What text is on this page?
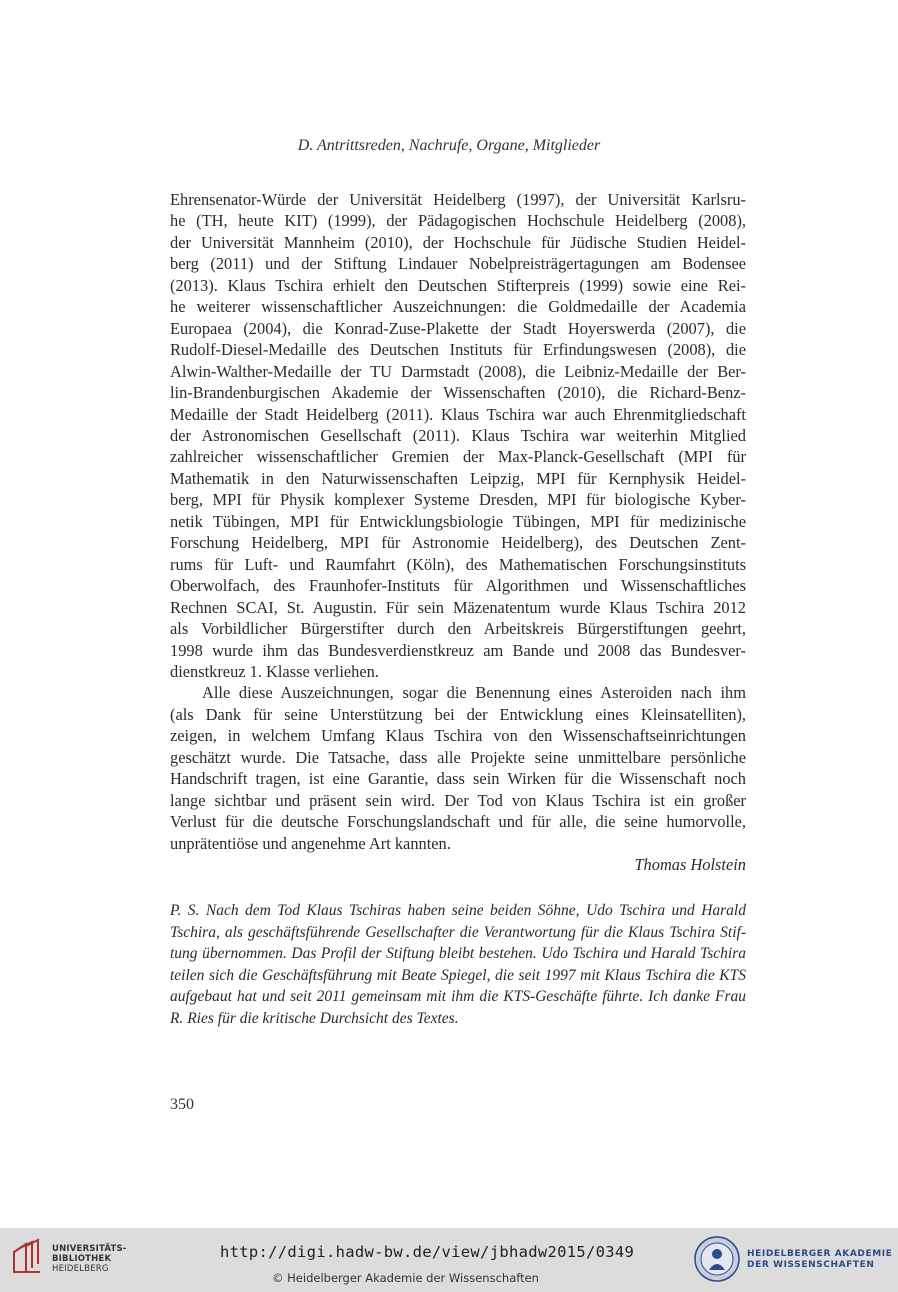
D. Antrittsreden, Nachrufe, Organe, Mitglieder
Ehrensenator-Würde der Universität Heidelberg (1997), der Universität Karlsru-
he (TH, heute KIT) (1999), der Pädagogischen Hochschule Heidelberg (2008),
der Universität Mannheim (2010), der Hochschule für Jüdische Studien Heidel-
berg (2011) und der Stiftung Lindauer Nobelpreisträgertagungen am Bodensee
(2013). Klaus Tschira erhielt den Deutschen Stifterpreis (1999) sowie eine Rei-
he weiterer wissenschaftlicher Auszeichnungen: die Goldmedaille der Academia
Europaea (2004), die Konrad-Zuse-Plakette der Stadt Hoyerswerda (2007), die
Rudolf-Diesel-Medaille des Deutschen Instituts für Erfindungswesen (2008), die
Alwin-Walther-Medaille der TU Darmstadt (2008), die Leibniz-Medaille der Ber-
lin-Brandenburgischen Akademie der Wissenschaften (2010), die Richard-Benz-
Medaille der Stadt Heidelberg (2011). Klaus Tschira war auch Ehrenmitgliedschaft
der Astronomischen Gesellschaft (2011). Klaus Tschira war weiterhin Mitglied
zahlreicher wissenschaftlicher Gremien der Max-Planck-Gesellschaft (MPI für
Mathematik in den Naturwissenschaften Leipzig, MPI für Kernphysik Heidel-
berg, MPI für Physik komplexer Systeme Dresden, MPI für biologische Kyber-
netik Tübingen, MPI für Entwicklungsbiologie Tübingen, MPI für medizinische
Forschung Heidelberg, MPI für Astronomie Heidelberg), des Deutschen Zent-
rums für Luft- und Raumfahrt (Köln), des Mathematischen Forschungsinstituts
Oberwolfach, des Fraunhofer-Instituts für Algorithmen und Wissenschaftliches
Rechnen SCAI, St. Augustin. Für sein Mäzenatentum wurde Klaus Tschira 2012
als Vorbildlicher Bürgerstifter durch den Arbeitskreis Bürgerstiftungen geehrt,
1998 wurde ihm das Bundesverdienstkreuz am Bande und 2008 das Bundesver-
dienstkreuz 1. Klasse verliehen.
Alle diese Auszeichnungen, sogar die Benennung eines Asteroiden nach ihm
(als Dank für seine Unterstützung bei der Entwicklung eines Kleinsatelliten),
zeigen, in welchem Umfang Klaus Tschira von den Wissenschaftseinrichtungen
geschätzt wurde. Die Tatsache, dass alle Projekte seine unmittelbare persönliche
Handschrift tragen, ist eine Garantie, dass sein Wirken für die Wissenschaft noch
lange sichtbar und präsent sein wird. Der Tod von Klaus Tschira ist ein großer
Verlust für die deutsche Forschungslandschaft und für alle, die seine humorvolle,
unprätentiöse und angenehme Art kannten.
Thomas Holstein
P. S. Nach dem Tod Klaus Tschiras haben seine beiden Söhne, Udo Tschira und Harald
Tschira, als geschäftsführende Gesellschafter die Verantwortung für die Klaus Tschira Stif-
tung übernommen. Das Profil der Stiftung bleibt bestehen. Udo Tschira und Harald Tschira
teilen sich die Geschäftsführung mit Beate Spiegel, die seit 1997 mit Klaus Tschira die KTS
aufgebaut hat und seit 2011 gemeinsam mit ihm die KTS-Geschäfte führte. Ich danke Frau
R. Ries für die kritische Durchsicht des Textes.
350
UNIVERSITÄTS-
BIBLIOTHEK
HEIDELBERG
http://digi.hadw-bw.de/view/jbhadw2015/0349
© Heidelberger Akademie der Wissenschaften
HEIDELBERGER AKADEMIE
DER WISSENSCHAFTEN
